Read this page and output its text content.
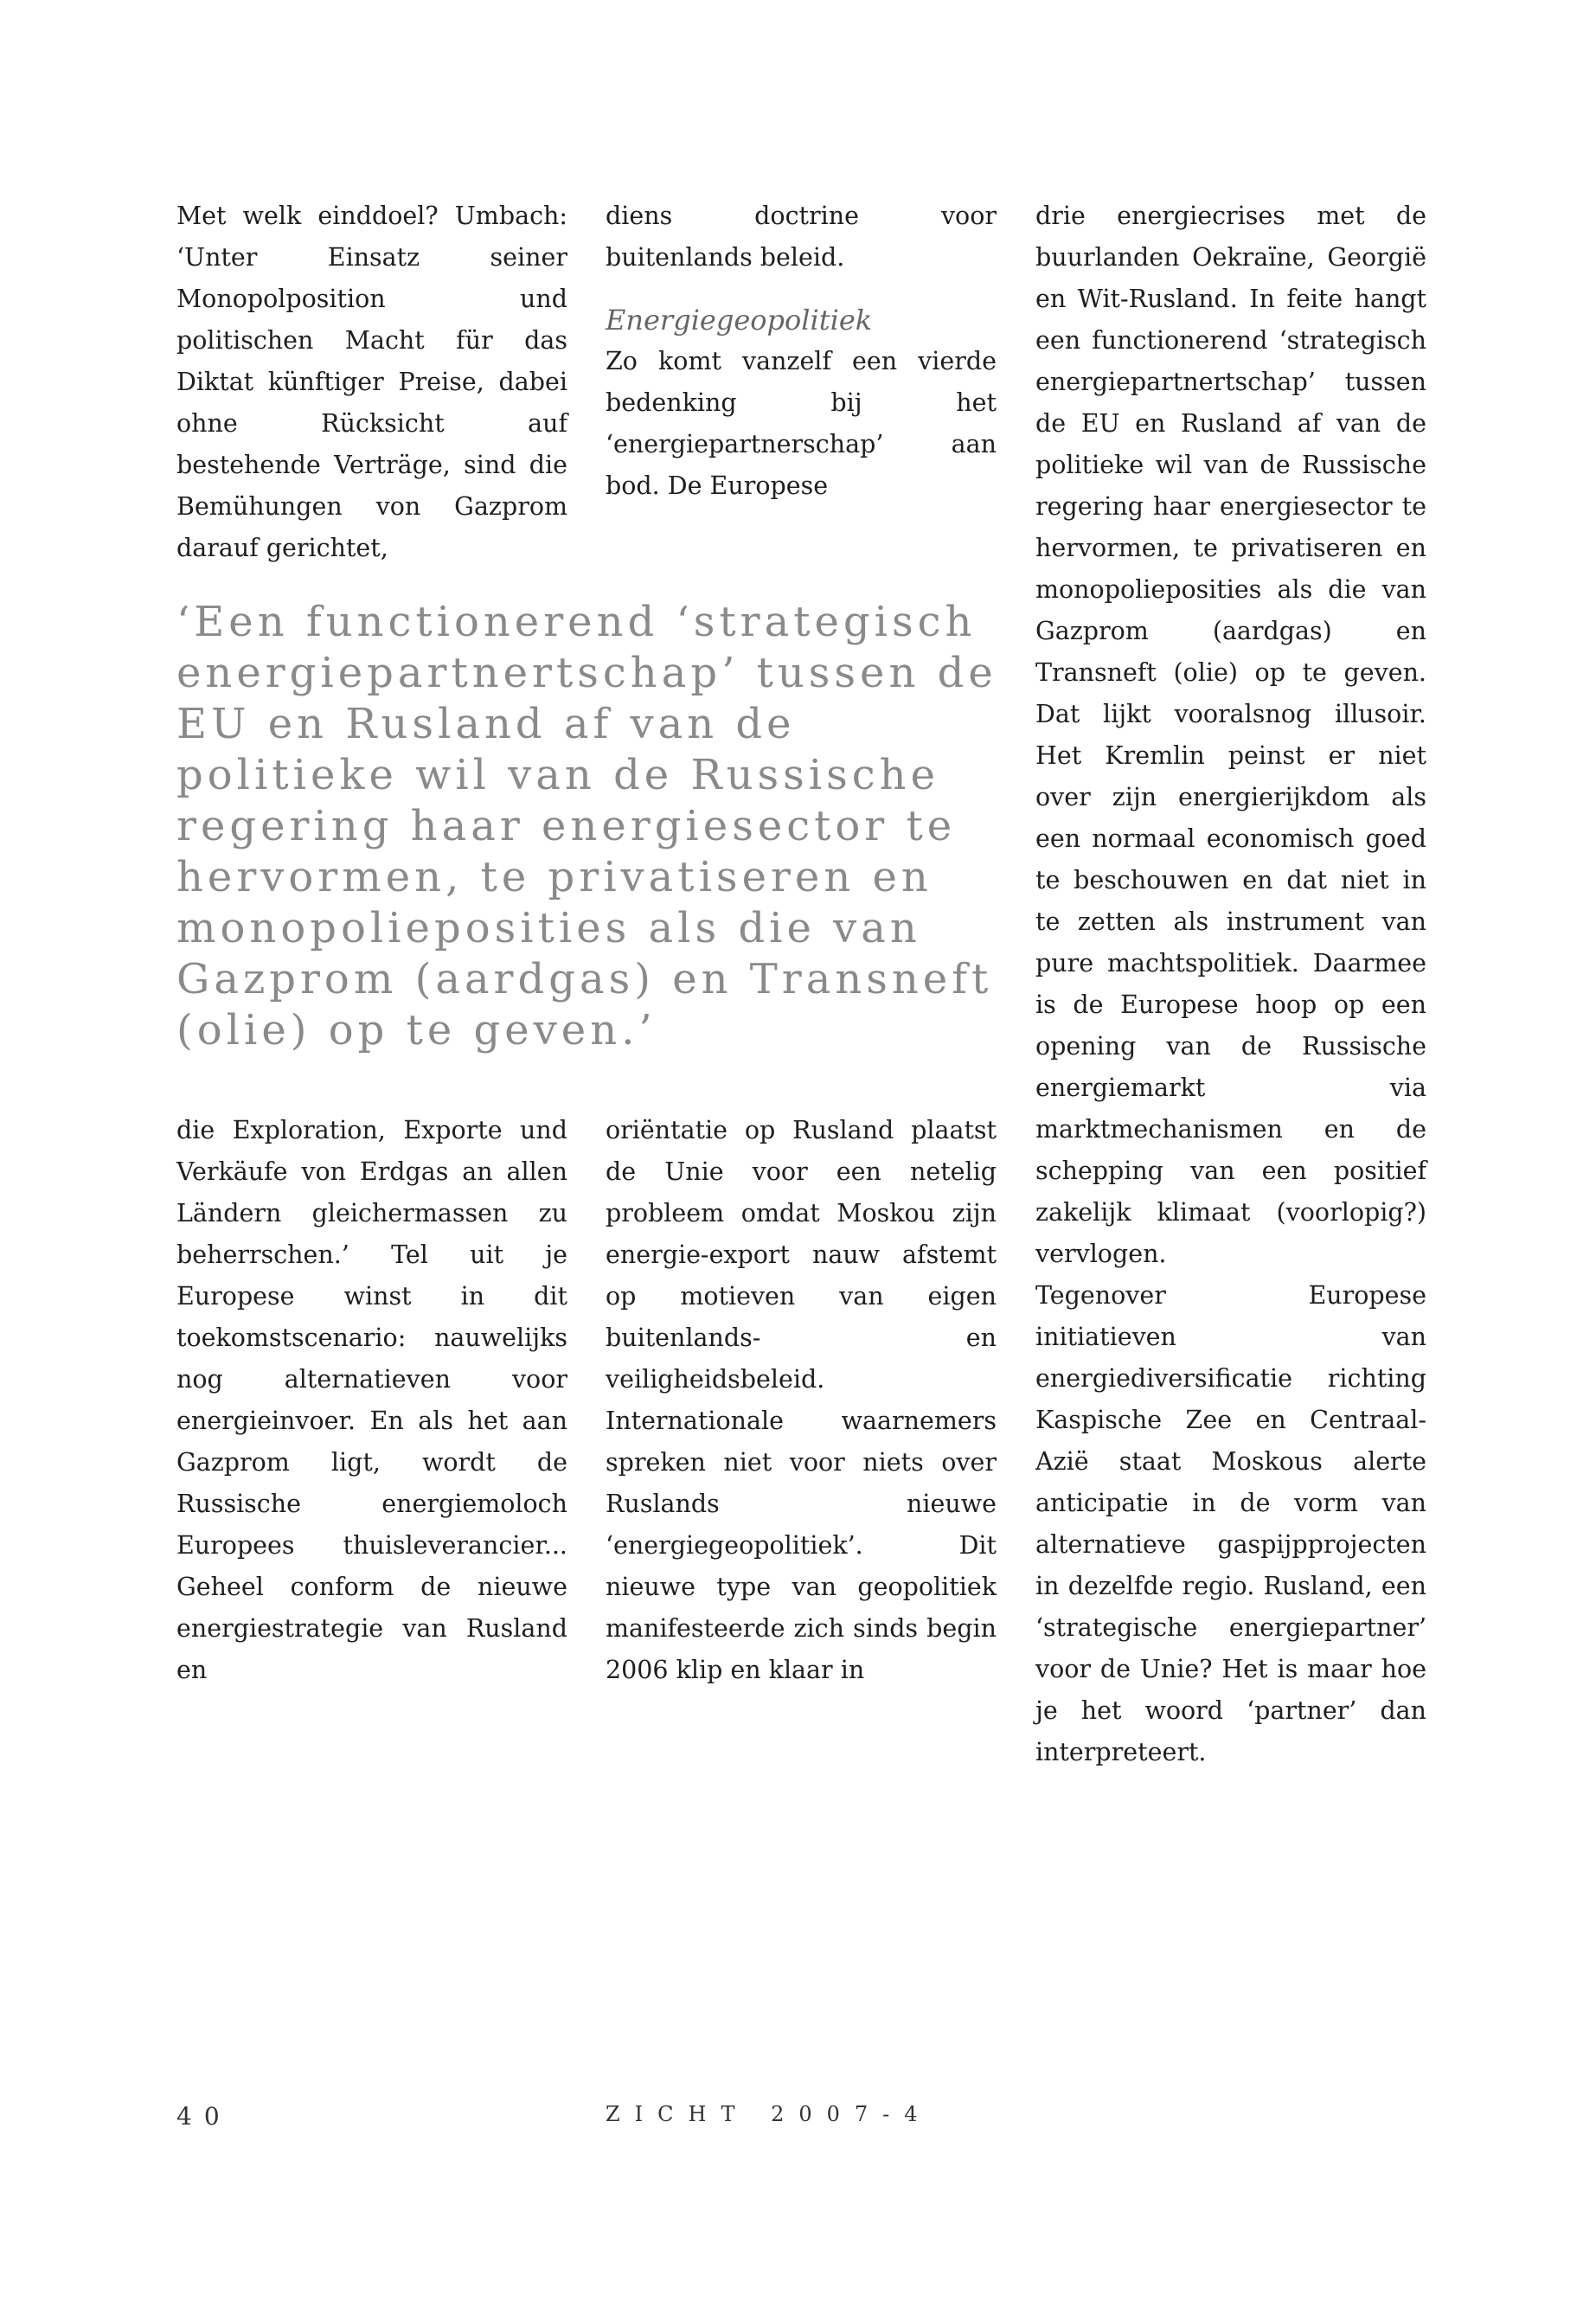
Met welk einddoel? Umbach: ‘Unter Einsatz seiner Monopolposition und politischen Macht für das Diktat künftiger Preise, dabei ohne Rücksicht auf bestehende Verträge, sind die Bemühungen von Gazprom darauf gerichtet,

diens doctrine voor buitenlands beleid.

Energiegeopolitiek

Zo komt vanzelf een vierde bedenking bij het ‘energiepartnerschap’ aan bod. De Europese

drie energiecrises met de buurlanden Oekraïne, Georgië en Wit-Rusland. In feite hangt een functionerend ‘strategisch energiepartnertschap’ tussen de EU en Rusland af van de politieke wil van de Russische regering haar energiesector te hervormen, te privatiseren en monopolieposities als die van Gazprom (aardgas) en Transneft (olie) op te geven. Dat lijkt vooralsnog illusoir. Het Kremlin peinst er niet over zijn energierijkdom als een normaal economisch goed te beschouwen en dat niet in te zetten als instrument van pure machtspolitiek. Daarmee is de Europese hoop op een opening van de Russische energiemarkt via marktmechanismen en de schepping van een positief zakelijk klimaat (voorlopig?) vervlogen.

Tegenover Europese initiatieven van energiediversificatie richting Kaspische Zee en Centraal-Azië staat Moskous alerte anticipatie in de vorm van alternatieve gaspijpprojecten in dezelfde regio. Rusland, een ‘strategische energiepartner’ voor de Unie? Het is maar hoe je het woord ‘partner’ dan interpreteert.

‘Een functionerend ‘strategisch energiepartnertschap’ tussen de EU en Rusland af van de politieke wil van de Russische regering haar energiesector te hervormen, te privatiseren en monopolieposities als die van Gazprom (aardgas) en Transneft (olie) op te geven.’

die Exploration, Exporte und Verkäufe von Erdgas an allen Ländern gleichermassen zu beherrschen.’ Tel uit je Europese winst in dit toekomstscenario: nauwelijks nog alternatieven voor energieinvoer. En als het aan Gazprom ligt, wordt de Russische energiemoloch Europees thuisleverancier... Geheel conform de nieuwe energiestrategie van Rusland en

oriëntatie op Rusland plaatst de Unie voor een netelig probleem omdat Moskou zijn energie-export nauw afstemt op motieven van eigen buitenlands- en veiligheidsbeleid. Internationale waarnemers spreken niet voor niets over Ruslands nieuwe ‘energiegeopolitiek’. Dit nieuwe type van geopolitiek manifesteerde zich sinds begin 2006 klip en klaar in

40	ZICHT 2007-4
